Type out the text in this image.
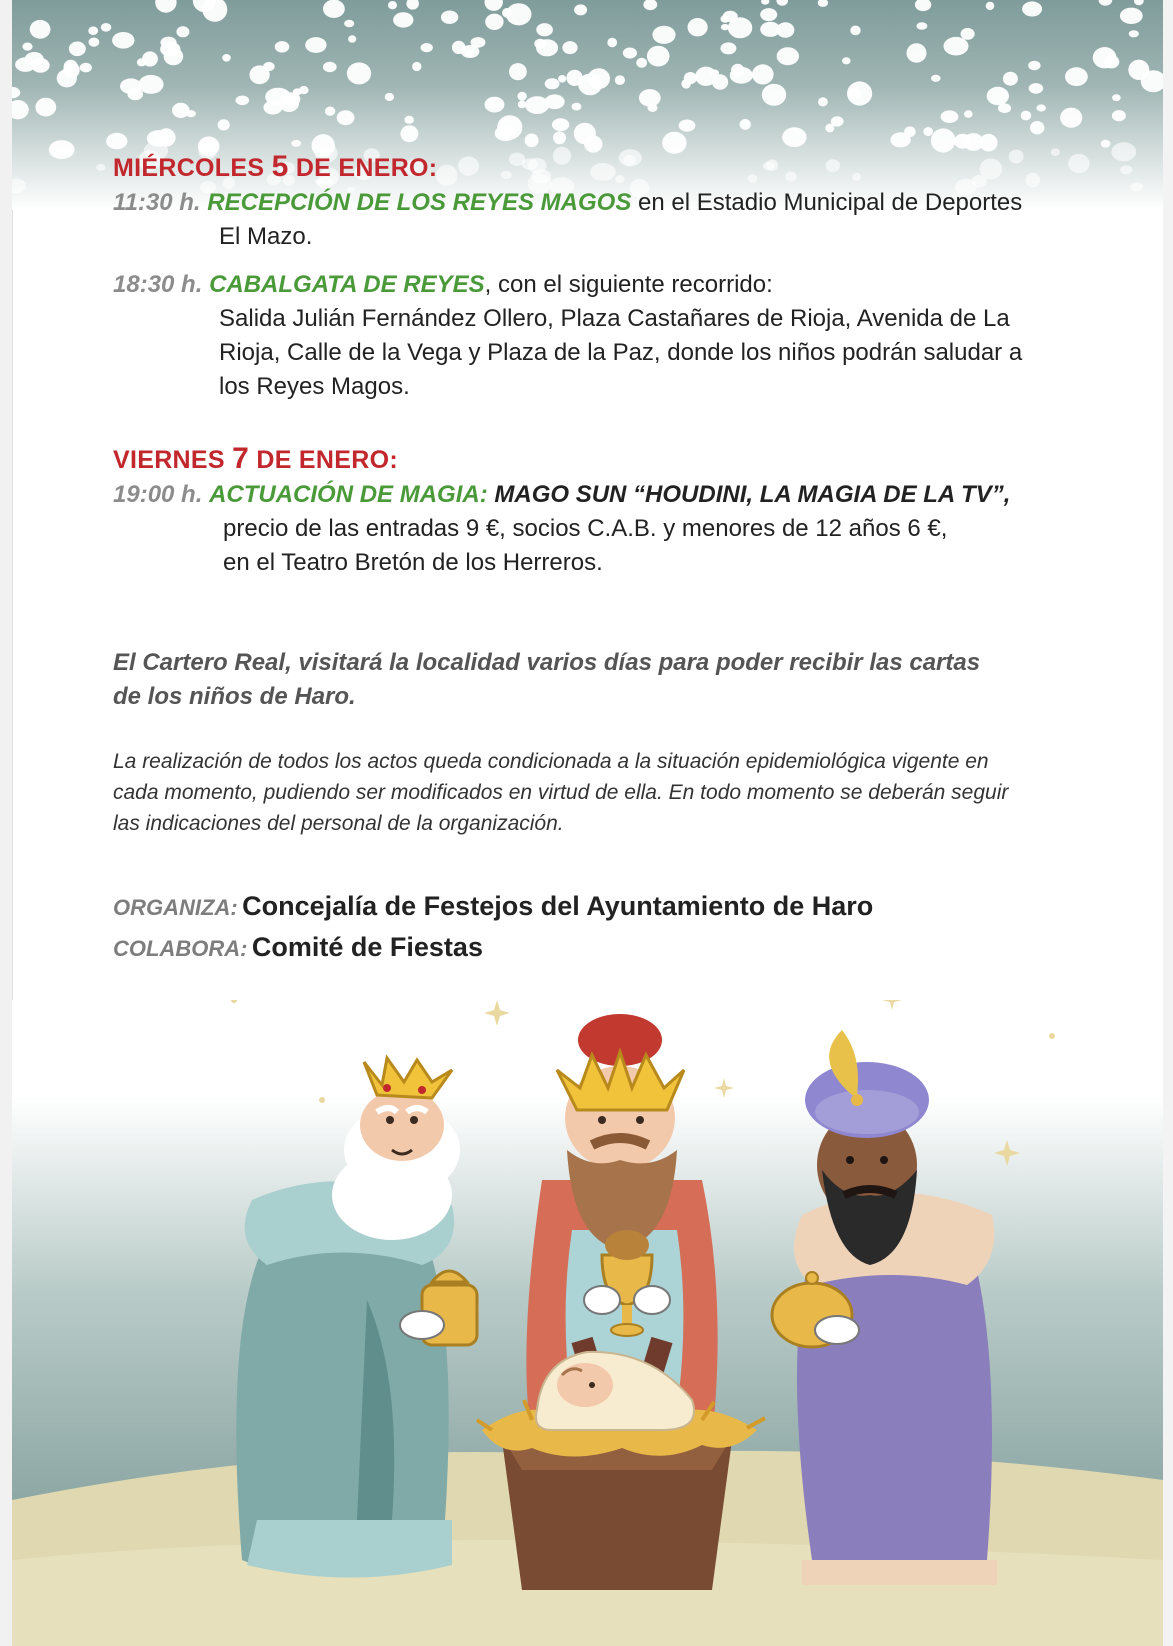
MIÉRCOLES 5 DE ENERO:
11:30 h. RECEPCIÓN DE LOS REYES MAGOS en el Estadio Municipal de Deportes
El Mazo.
18:30 h. CABALGATA DE REYES, con el siguiente recorrido:
Salida Julián Fernández Ollero, Plaza Castañares de Rioja, Avenida de La
Rioja, Calle de la Vega y Plaza de la Paz, donde los niños podrán saludar a
los Reyes Magos.
VIERNES 7 DE ENERO:
19:00 h. ACTUACIÓN DE MAGIA: MAGO SUN “HOUDINI, LA MAGIA DE LA TV”,
precio de las entradas 9 €, socios C.A.B. y menores de 12 años 6 €,
en el Teatro Bretón de los Herreros.
El Cartero Real, visitará la localidad varios días para poder recibir las cartas
de los niños de Haro.
La realización de todos los actos queda condicionada a la situación epidemiológica vigente en
cada momento, pudiendo ser modificados en virtud de ella. En todo momento se deberán seguir
las indicaciones del personal de la organización.
ORGANIZA: Concejalía de Festejos del Ayuntamiento de Haro
COLABORA: Comité de Fiestas
